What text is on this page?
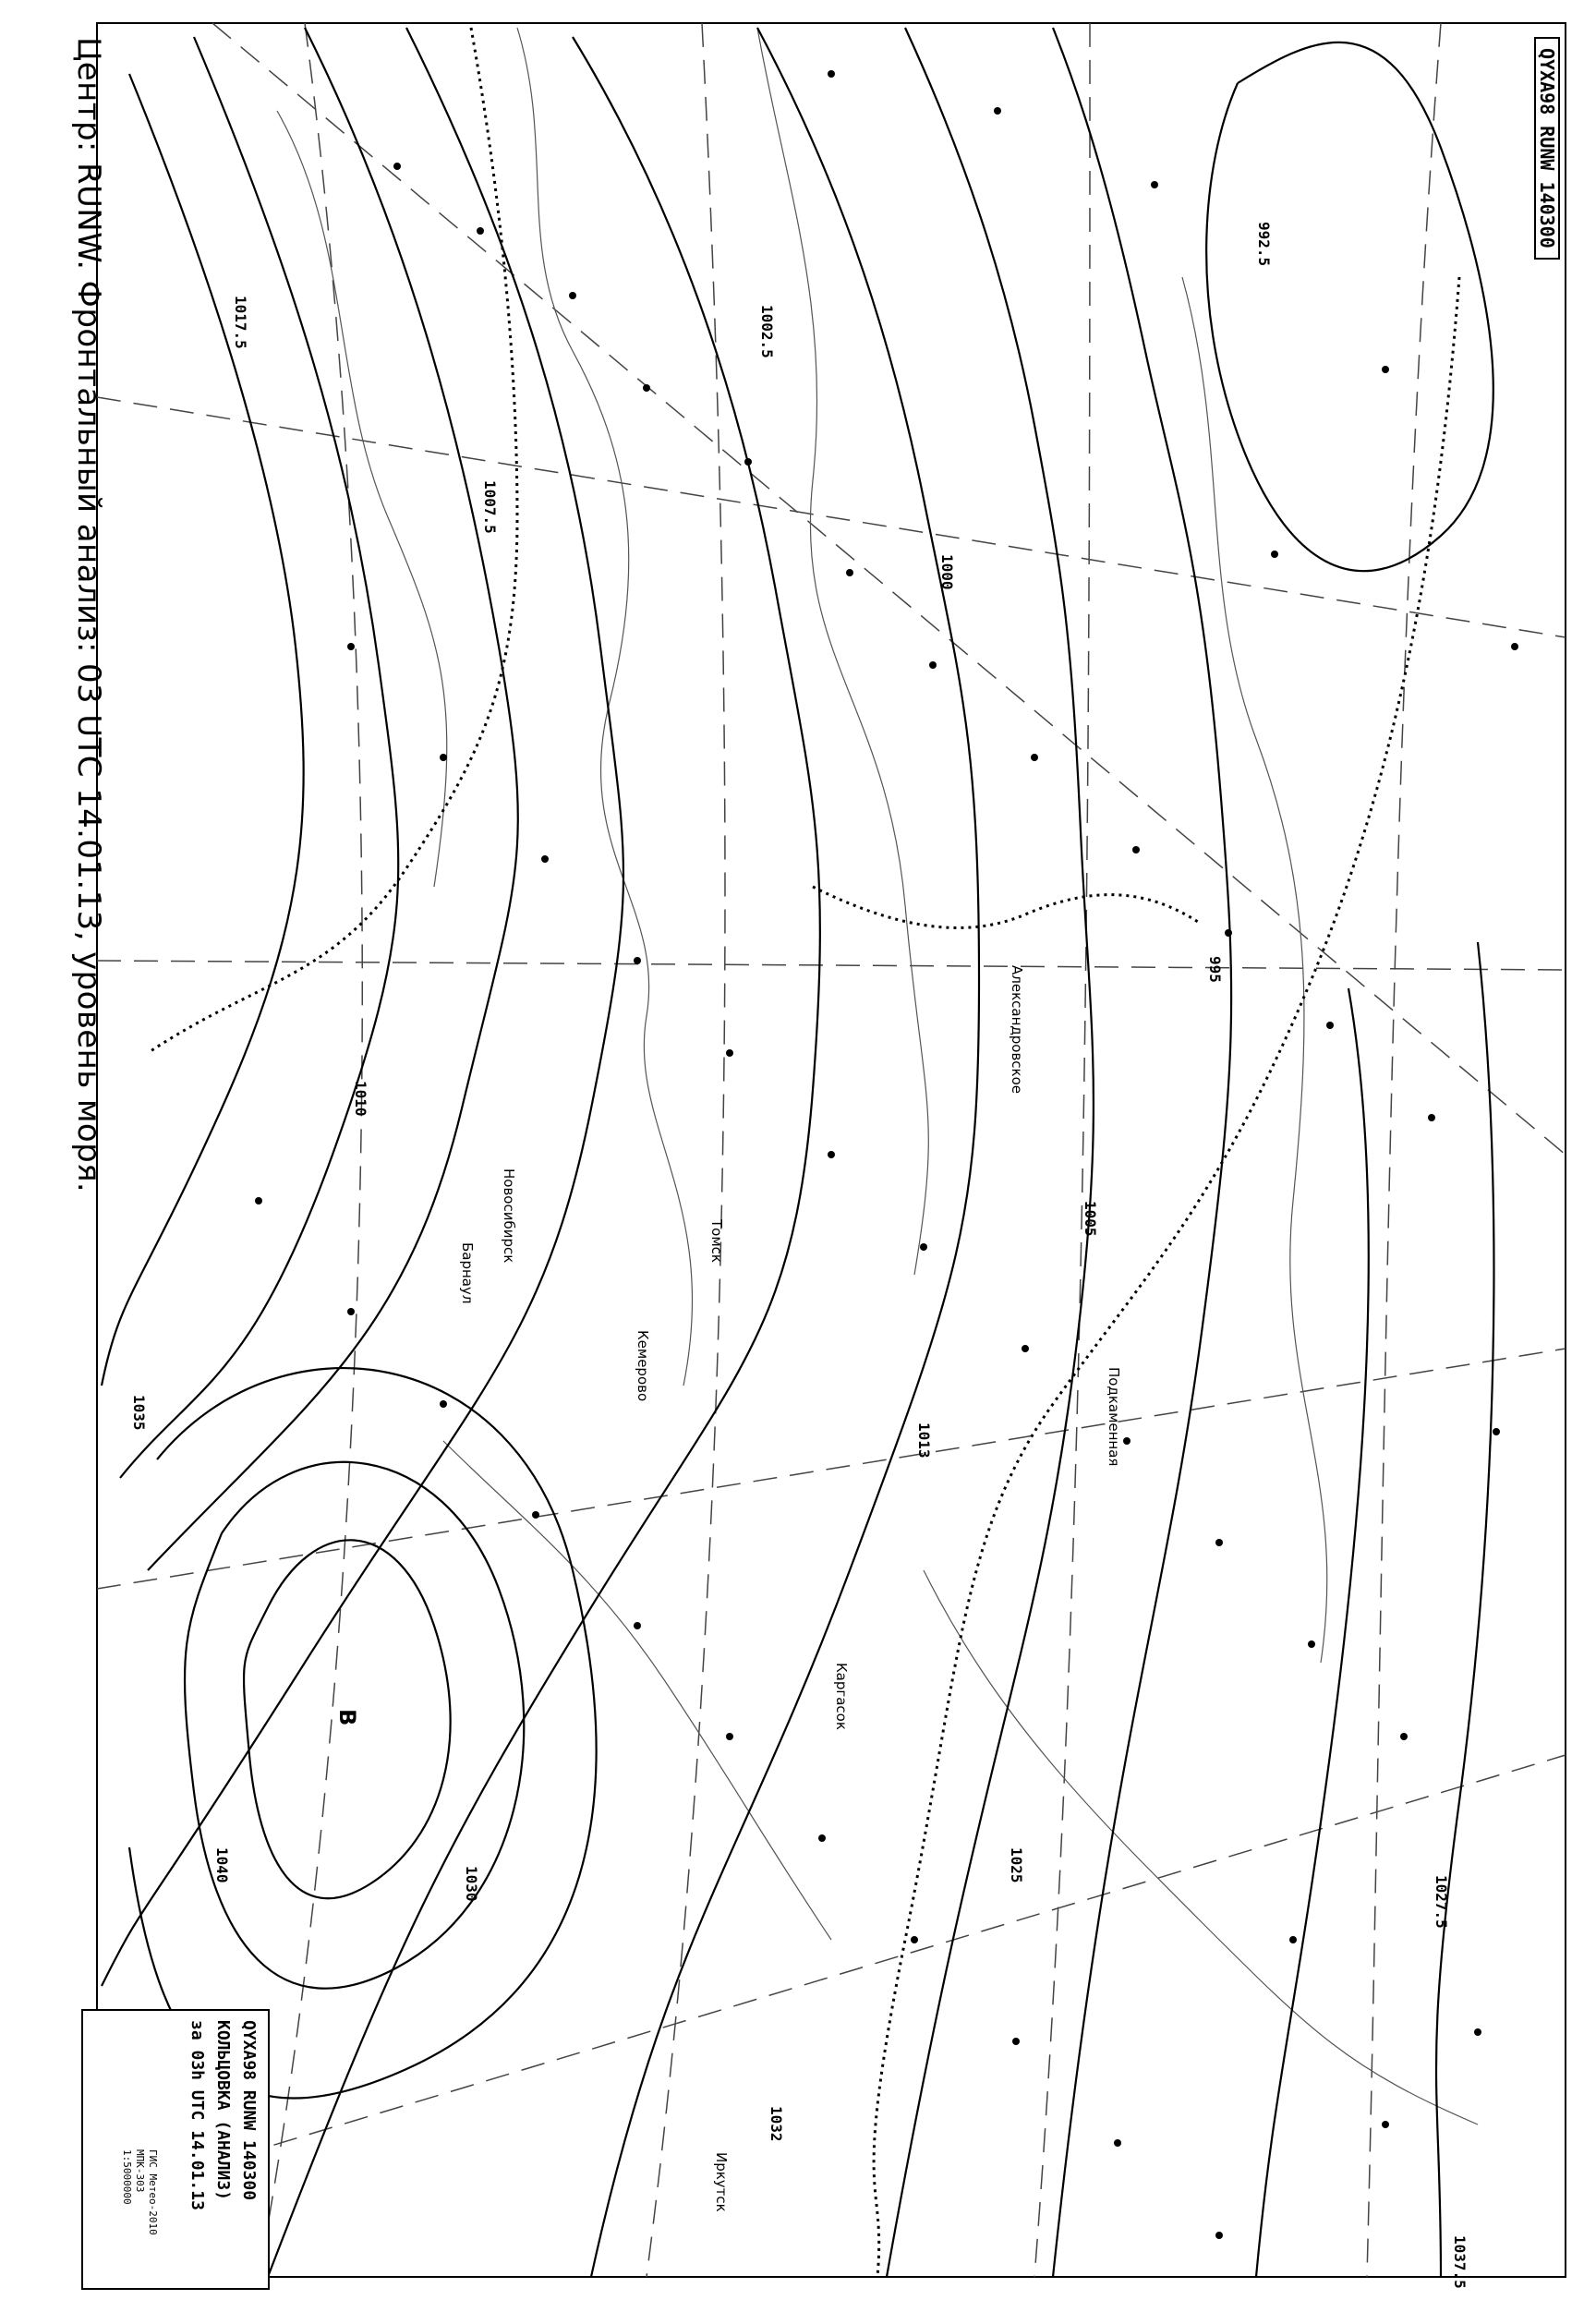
Центр: RUNW. Фронтальный анализ: 03 UTC 14.01.13, уровень моря.	QYXA98 RUNW 140300
992.5
995
1000
1002.5
1005
1007.5
1010
1013
1017.5
1025
1027.5
1030
1032
1035
1037.5
1040
В
Александровское
Томск
Барнаул
Кемерово
Новосибирск
Каргасок
Подкаменная
Иркутск
QYXA98 RUNW 140300
КОЛЬЦОВКА (АНАЛИЗ)
за 03h UTC 14.01.13
ГИС Метео-2010
МПК-303
1:5000000
